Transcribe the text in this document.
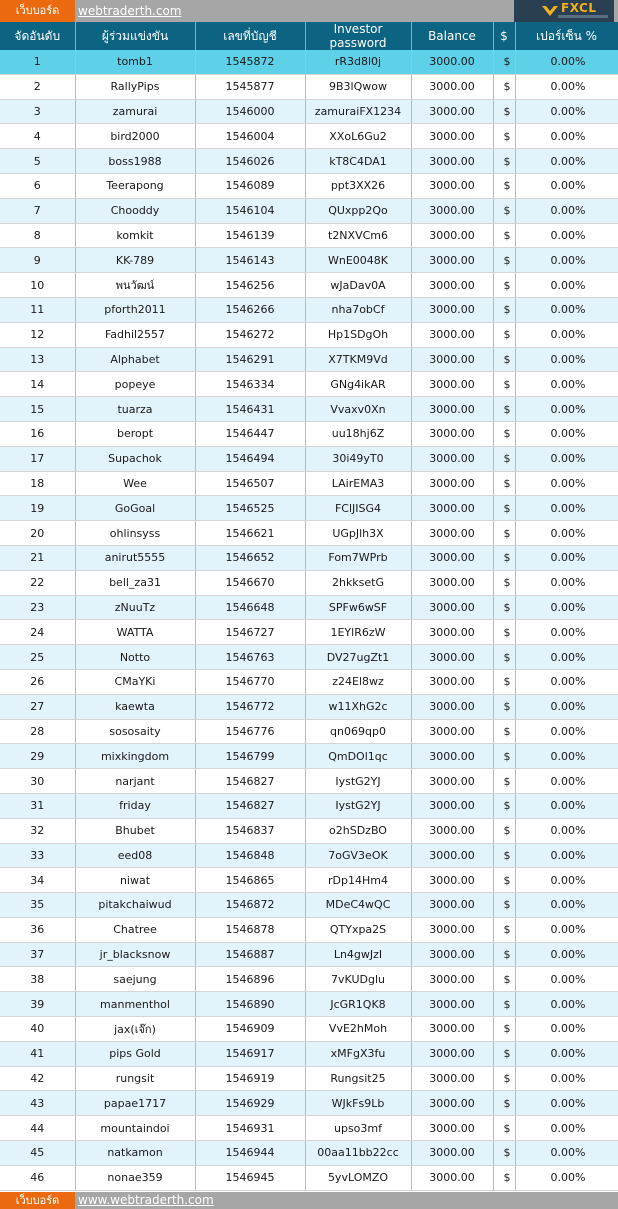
เว็บบอร์ด	webtraderth.com	FXCL
จัดอันดับ	ผู้ร่วมแข่งขัน	เลขที่บัญชี	Investor password	Balance	$	เปอร์เซ็น %
1	tomb1	1545872	rR3d8l0j	3000.00	$	0.00%
2	RallyPips	1545877	9B3lQwow	3000.00	$	0.00%
3	zamurai	1546000	zamuraiFX1234	3000.00	$	0.00%
4	bird2000	1546004	XXoL6Gu2	3000.00	$	0.00%
5	boss1988	1546026	kT8C4DA1	3000.00	$	0.00%
6	Teerapong	1546089	ppt3XX26	3000.00	$	0.00%
7	Chooddy	1546104	QUxpp2Qo	3000.00	$	0.00%
8	komkit	1546139	t2NXVCm6	3000.00	$	0.00%
9	KK-789	1546143	WnE0048K	3000.00	$	0.00%
10	พนวัฒน์	1546256	wJaDav0A	3000.00	$	0.00%
11	pforth2011	1546266	nha7obCf	3000.00	$	0.00%
12	Fadhil2557	1546272	Hp1SDgOh	3000.00	$	0.00%
13	Alphabet	1546291	X7TKM9Vd	3000.00	$	0.00%
14	popeye	1546334	GNg4ikAR	3000.00	$	0.00%
15	tuarza	1546431	Vvaxv0Xn	3000.00	$	0.00%
16	beropt	1546447	uu18hj6Z	3000.00	$	0.00%
17	Supachok	1546494	30i49yT0	3000.00	$	0.00%
18	Wee	1546507	LAirEMA3	3000.00	$	0.00%
19	GoGoal	1546525	FClJISG4	3000.00	$	0.00%
20	ohlinsyss	1546621	UGpJlh3X	3000.00	$	0.00%
21	anirut5555	1546652	Fom7WPrb	3000.00	$	0.00%
22	bell_za31	1546670	2hkksetG	3000.00	$	0.00%
23	zNuuTz	1546648	SPFw6wSF	3000.00	$	0.00%
24	WATTA	1546727	1EYlR6zW	3000.00	$	0.00%
25	Notto	1546763	DV27ugZt1	3000.00	$	0.00%
26	CMaYKi	1546770	z24El8wz	3000.00	$	0.00%
27	kaewta	1546772	w11XhG2c	3000.00	$	0.00%
28	sososaity	1546776	qn069qp0	3000.00	$	0.00%
29	mixkingdom	1546799	QmDOl1qc	3000.00	$	0.00%
30	narjant	1546827	IystG2YJ	3000.00	$	0.00%
31	friday	1546827	IystG2YJ	3000.00	$	0.00%
32	Bhubet	1546837	o2hSDzBO	3000.00	$	0.00%
33	eed08	1546848	7oGV3eOK	3000.00	$	0.00%
34	niwat	1546865	rDp14Hm4	3000.00	$	0.00%
35	pitakchaiwud	1546872	MDeC4wQC	3000.00	$	0.00%
36	Chatree	1546878	QTYxpa2S	3000.00	$	0.00%
37	jr_blacksnow	1546887	Ln4gwJzI	3000.00	$	0.00%
38	saejung	1546896	7vKUDglu	3000.00	$	0.00%
39	manmenthol	1546890	JcGR1QK8	3000.00	$	0.00%
40	jax(เจ๊ก)	1546909	VvE2hMoh	3000.00	$	0.00%
41	pips Gold	1546917	xMFgX3fu	3000.00	$	0.00%
42	rungsit	1546919	Rungsit25	3000.00	$	0.00%
43	papae1717	1546929	WJkFs9Lb	3000.00	$	0.00%
44	mountaindoi	1546931	upso3mf	3000.00	$	0.00%
45	natkamon	1546944	00aa11bb22cc	3000.00	$	0.00%
46	nonae359	1546945	5yvLOMZO	3000.00	$	0.00%
เว็บบอร์ด	www.webtraderth.com
